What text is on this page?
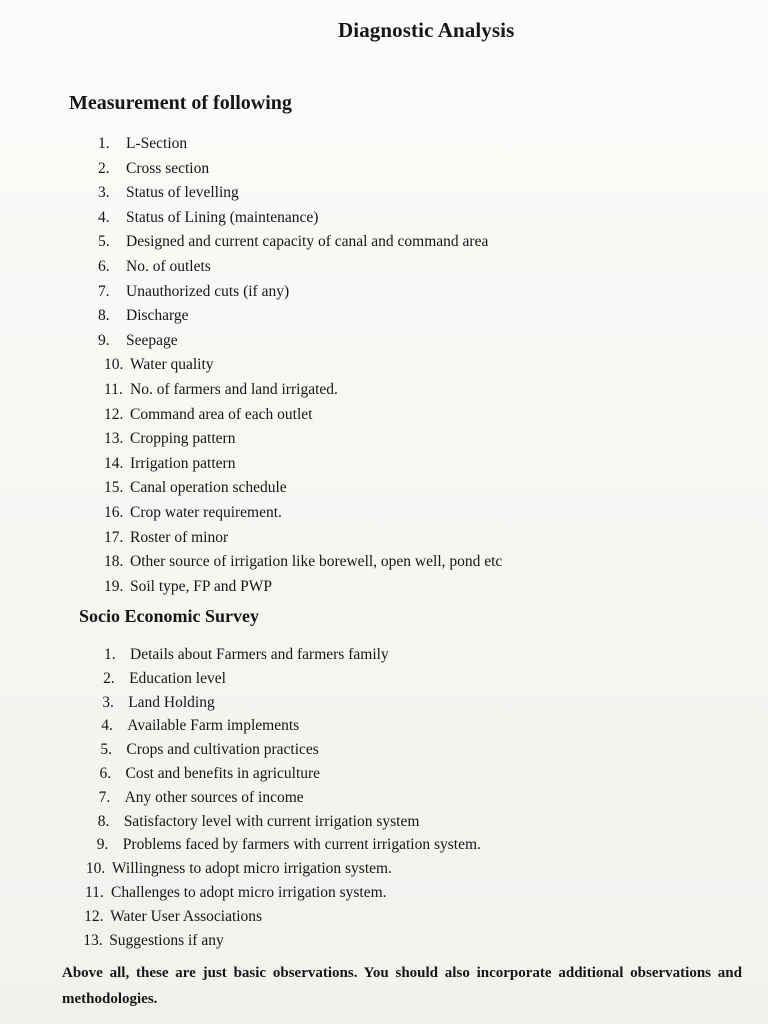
Diagnostic Analysis
Measurement of following
1. L-Section
2. Cross section
3. Status of levelling
4. Status of Lining (maintenance)
5. Designed and current capacity of canal and command area
6. No. of outlets
7. Unauthorized cuts (if any)
8. Discharge
9. Seepage
10. Water quality
11. No. of farmers and land irrigated.
12. Command area of each outlet
13. Cropping pattern
14. Irrigation pattern
15. Canal operation schedule
16. Crop water requirement.
17. Roster of minor
18. Other source of irrigation like borewell, open well, pond etc
19. Soil type, FP and PWP
Socio Economic Survey
1. Details about Farmers and farmers family
2. Education level
3. Land Holding
4. Available Farm implements
5. Crops and cultivation practices
6. Cost and benefits in agriculture
7. Any other sources of income
8. Satisfactory level with current irrigation system
9. Problems faced by farmers with current irrigation system.
10. Willingness to adopt micro irrigation system.
11. Challenges to adopt micro irrigation system.
12. Water User Associations
13. Suggestions if any
Above all, these are just basic observations. You should also incorporate additional observations and methodologies.
